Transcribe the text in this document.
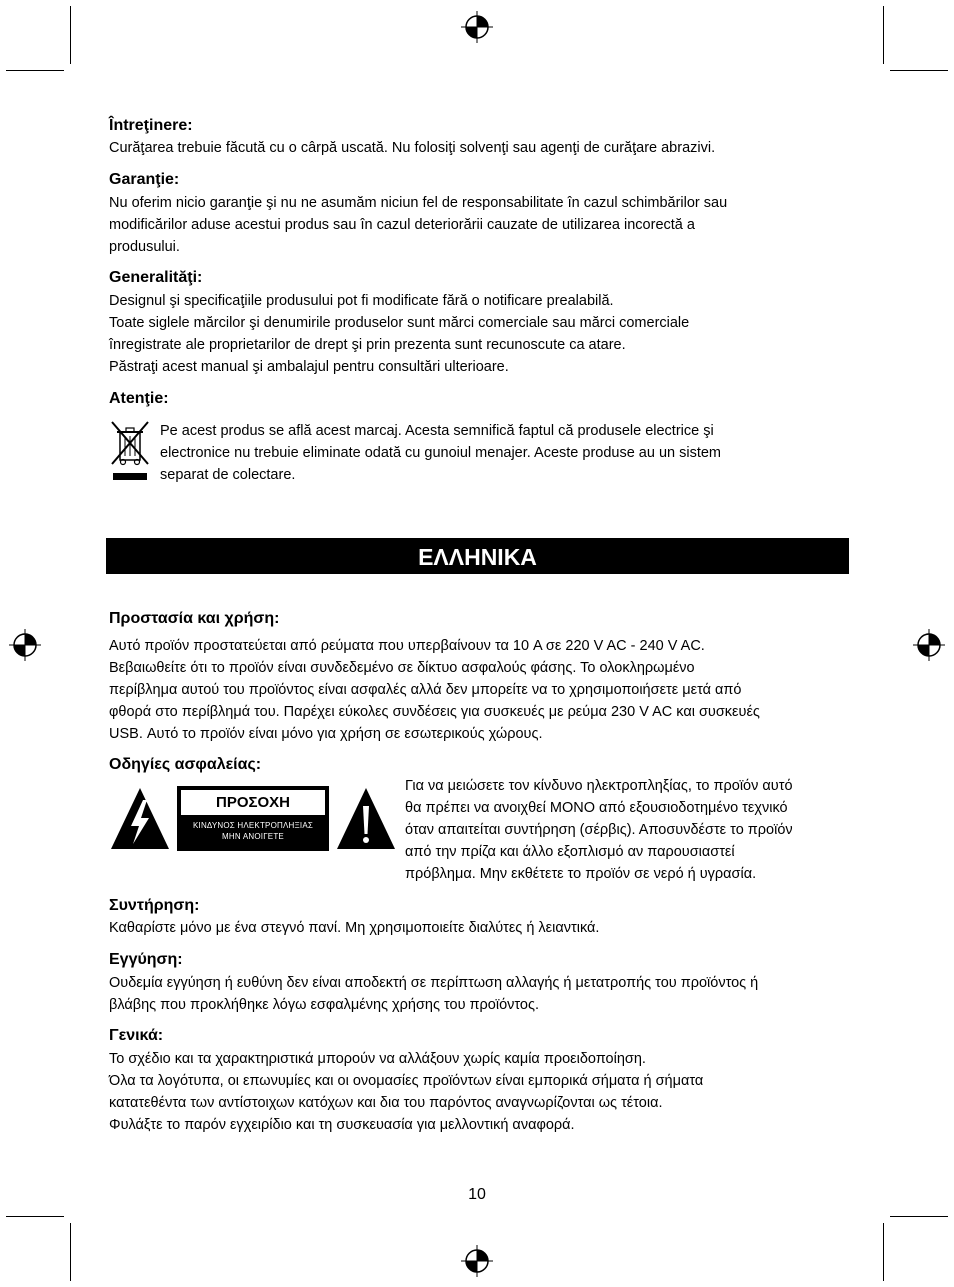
Întreţinere:
Curăţarea trebuie făcută cu o cârpă uscată. Nu folosiţi solvenţi sau agenţi de curăţare abrazivi.
Garanţie:
Nu oferim nicio garanţie şi nu ne asumăm niciun fel de responsabilitate în cazul schimbărilor sau
modificărilor aduse acestui produs sau în cazul deteriorării cauzate de utilizarea incorectă a
produsului.
Generalităţi:
Designul şi specificaţiile produsului pot fi modificate fără o notificare prealabilă.
Toate siglele mărcilor şi denumirile produselor sunt mărci comerciale sau mărci comerciale
înregistrate ale proprietarilor de drept şi prin prezenta sunt recunoscute ca atare.
Păstraţi acest manual şi ambalajul pentru consultări ulterioare.
Atenţie:
Pe acest produs se află acest marcaj. Acesta semnifică faptul că produsele electrice şi
electronice nu trebuie eliminate odată cu gunoiul menajer. Aceste produse au un sistem
separat de colectare.
ΕΛΛΗΝΙΚΑ
Προστασία και χρήση:
Αυτό προϊόν προστατεύεται από ρεύματα που υπερβαίνουν τα 10 A σε 220 V AC - 240 V AC.
Βεβαιωθείτε ότι το προϊόν είναι συνδεδεμένο σε δίκτυο ασφαλούς φάσης. Το ολοκληρωμένο
περίβλημα αυτού του προϊόντος είναι ασφαλές αλλά δεν μπορείτε να το χρησιμοποιήσετε μετά από
φθορά στο περίβλημά του. Παρέχει εύκολες συνδέσεις για συσκευές με ρεύμα 230 V AC και συσκευές
USB. Αυτό το προϊόν είναι μόνο για χρήση σε εσωτερικούς χώρους.
Οδηγίες ασφαλείας:
ΠΡΟΣΟΧΗ
ΚΙΝΔΥΝΟΣ ΗΛΕΚΤΡΟΠΛΗΞΙΑΣ
ΜΗΝ ΑΝΟΙΓΕΤΕ
Για να μειώσετε τον κίνδυνο ηλεκτροπληξίας, το προϊόν αυτό
θα πρέπει να ανοιχθεί ΜΟΝΟ από εξουσιοδοτημένο τεχνικό
όταν απαιτείται συντήρηση (σέρβις). Αποσυνδέστε το προϊόν
από την πρίζα και άλλο εξοπλισμό αν παρουσιαστεί
πρόβλημα. Μην εκθέτετε το προϊόν σε νερό ή υγρασία.
Συντήρηση:
Καθαρίστε μόνο με ένα στεγνό πανί. Μη χρησιμοποιείτε διαλύτες ή λειαντικά.
Εγγύηση:
Ουδεμία εγγύηση ή ευθύνη δεν είναι αποδεκτή σε περίπτωση αλλαγής ή μετατροπής του προϊόντος ή
βλάβης που προκλήθηκε λόγω εσφαλμένης χρήσης του προϊόντος.
Γενικά:
Το σχέδιο και τα χαρακτηριστικά μπορούν να αλλάξουν χωρίς καμία προειδοποίηση.
Όλα τα λογότυπα, οι επωνυμίες και οι ονομασίες προϊόντων είναι εμπορικά σήματα ή σήματα
κατατεθέντα των αντίστοιχων κατόχων και δια του παρόντος αναγνωρίζονται ως τέτοια.
Φυλάξτε το παρόν εγχειρίδιο και τη συσκευασία για μελλοντική αναφορά.
10
